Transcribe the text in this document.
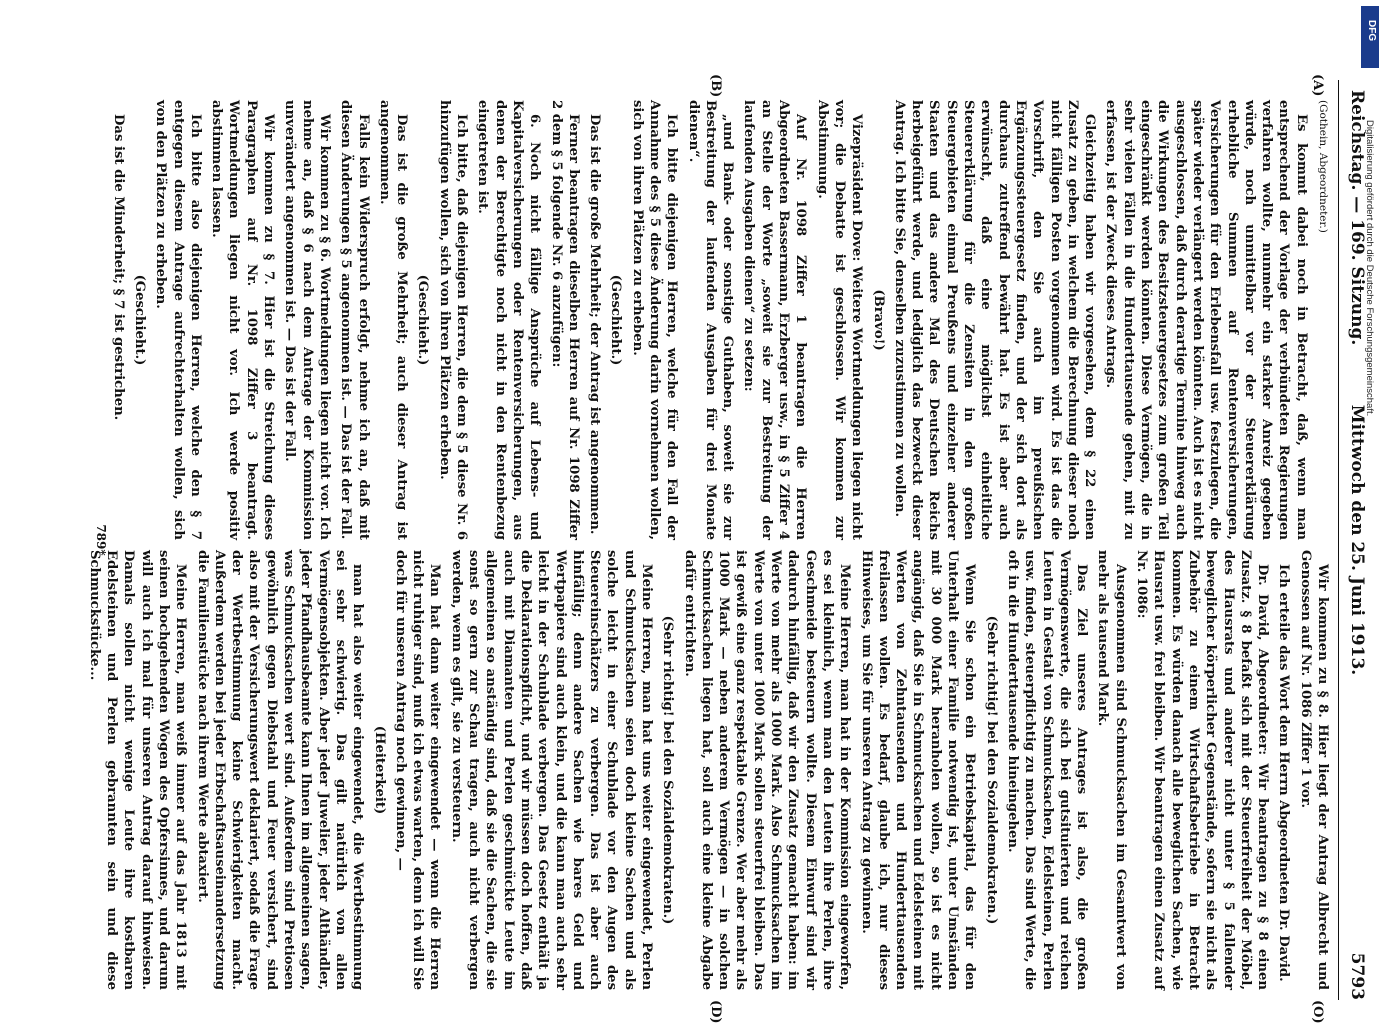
Reichstag. — 169. Sitzung.
Mittwoch den 25. Juni 1913.
5793
(A)
(B)
(O)
(D)

(Gothein, Abgeordneter.)

Es kommt dabei noch in Betracht, daß, wenn man entsprechend der Vorlage der verbündeten Regierungen verfahren wollte, nunmehr ein starker Anreiz gegeben würde, noch unmittelbar vor der Steuererklärung erhebliche Summen auf Rentenversicherungen, Versicherungen für den Erlebensfall usw. festzulegen, die später wieder verlängert werden könnten. Auch ist es nicht ausgeschlossen, daß durch derartige Termine hinweg auch die Wirkungen des Besitzsteuergesetzes zum großen Teil eingeschränkt werden könnten. Diese Vermögen, die in sehr vielen Fällen in die Hunderttausende gehen, mit zu erfassen, ist der Zweck dieses Antrags.

Gleichzeitig haben wir vorgesehen, dem § 22 einen Zusatz zu geben, in welchem die Berechnung dieser noch nicht fälligen Posten vorgenommen wird. Es ist das die Vorschrift, den Sie auch im preußischen Ergänzungssteuergesetz finden, und der sich dort als durchaus zutreffend bewährt hat. Es ist aber auch erwünscht, daß eine möglichst einheitliche Steuererklärung für die Zensiten in den großen Steuergebieten einmal Preußens und einzelner anderer Staaten und das andere Mal des Deutschen Reichs herbeigeführt werde, und lediglich das bezweckt dieser Antrag. Ich bitte Sie, denselben zuzustimmen zu wollen.

(Bravo!)

Vizepräsident Dove: Weitere Wortmeldungen liegen nicht vor; die Debatte ist geschlossen. Wir kommen zur Abstimmung.

Auf Nr. 1098 Ziffer 1 beantragen die Herren Abgeordneten Bassermann, Erzberger usw., in § 5 Ziffer 4 an Stelle der Worte „soweit sie zur Bestreitung der laufenden Ausgaben dienen“ zu setzen:

„und Bank- oder sonstige Guthaben, soweit sie zur Bestreitung der laufenden Ausgaben für drei Monate dienen“.

Ich bitte diejenigen Herren, welche für den Fall der Annahme des § 5 diese Änderung darin vornehmen wollen, sich von ihren Plätzen zu erheben.

(Geschieht.)

Das ist die große Mehrheit; der Antrag ist angenommen.

Ferner beantragen dieselben Herren auf Nr. 1098 Ziffer 2 dem § 5 folgende Nr. 6 anzufügen:

6. Noch nicht fällige Ansprüche auf Lebens- und Kapitalversicherungen oder Rentenversicherungen, aus denen der Berechtigte noch nicht in den Rentenbezug eingetreten ist.

Ich bitte, daß diejenigen Herren, die dem § 5 diese Nr. 6 hinzufügen wollen, sich von ihren Plätzen erheben.

(Geschieht.)

Das ist die große Mehrheit; auch dieser Antrag ist angenommen.

Falls kein Widerspruch erfolgt, nehme ich an, daß mit diesen Änderungen § 5 angenommen ist. — Das ist der Fall.

Wir kommen zu § 6. Wortmeldungen liegen nicht vor. Ich nehme an, daß § 6 nach dem Antrage der Kommission unverändert angenommen ist. — Das ist der Fall.

Wir kommen zu § 7. Hier ist die Streichung dieses Paragraphen auf Nr. 1098 Ziffer 3 beantragt. Wortmeldungen liegen nicht vor. Ich werde positiv abstimmen lassen.

Ich bitte also diejenigen Herren, welche den § 7 entgegen diesem Antrage aufrechterhalten wollen, sich von den Plätzen zu erheben.

(Geschieht.)

Das ist die Minderheit; § 7 ist gestrichen.

Wir kommen zu § 8. Hier liegt der Antrag Albrecht und Genossen auf Nr. 1086 Ziffer 1 vor.

Ich erteile das Wort dem Herrn Abgeordneten Dr. David.

Dr. David, Abgeordneter: Wir beantragen zu § 8 einen Zusatz. § 8 befaßt sich mit der Steuerfreiheit der Möbel, des Hausrats und anderer nicht unter § 5 fallender beweglicher körperlicher Gegenstände, sofern sie nicht als Zubehör zu einem Wirtschaftsbetriebe in Betracht kommen. Es würden danach alle beweglichen Sachen, wie Hausrat usw. frei bleiben. Wir beantragen einen Zusatz auf Nr. 1086:

Ausgenommen sind Schmucksachen im Gesamtwert von mehr als tausend Mark.

Das Ziel unseres Antrages ist also, die großen Vermögenswerte, die sich bei gutsituierten und reichen Leuten in Gestalt von Schmucksachen, Edelsteinen, Perlen usw. finden, steuerpflichtig zu machen. Das sind Werte, die oft in die Hunderttausende hineingehen.

(Sehr richtig! bei den Sozialdemokraten.)

Wenn Sie schon ein Betriebskapital, das für den Unterhalt einer Familie notwendig ist, unter Umständen mit 30 000 Mark heranholen wollen, so ist es nicht angängig, daß Sie in Schmucksachen und Edelsteinen mit Werten von Zehntausenden und Hunderttausenden freilassen wollen. Es bedarf, glaube ich, nur dieses Hinweises, um Sie für unseren Antrag zu gewinnen.

Meine Herren, man hat in der Kommission eingeworfen, es sei kleinlich, wenn man den Leuten ihre Perlen, ihre Geschmeide besteuern wollte. Diesem Einwurf sind wir dadurch hinfällig, daß wir den Zusatz gemacht haben: im Werte von mehr als 1000 Mark. Also Schmucksachen im Werte von unter 1000 Mark sollen steuerfrei bleiben. Das ist gewiß eine ganz respektable Grenze. Wer aber mehr als 1000 Mark — neben anderem Vermögen — in solchen Schmucksachen liegen hat, soll auch eine kleine Abgabe dafür entrichten.

(Sehr richtig! bei den Sozialdemokraten.)

Meine Herren, man hat uns weiter eingewendet, Perlen und Schmucksachen seien doch kleine Sachen und als solche leicht in einer Schublade vor den Augen des Steuereinschätzers zu verbergen. Das ist aber auch hinfällig; denn andere Sachen wie bares Geld und Wertpapiere sind auch klein, und die kann man auch sehr leicht in der Schublade verbergen. Das Gesetz enthält ja die Deklarationspflicht, und wir müssen doch hoffen, daß auch mit Diamanten und Perlen geschmückte Leute im allgemeinen so anständig sind, daß sie die Sachen, die sie sonst so gern zur Schau tragen, auch nicht verbergen werden, wenn es gilt, sie zu versteuern.

Man hat dann weiter eingewendet — wenn die Herren nicht ruhiger sind, muß ich etwas warten, denn ich will Sie doch für unseren Antrag noch gewinnen, —

(Heiterkeit)

man hat also weiter eingewendet, die Wertbestimmung sei sehr schwierig. Das gilt natürlich von allen Vermögensobjekten. Aber jeder Juwelier, jeder Althändler, jeder Pfandhausbeamte kann Ihnen im allgemeinen sagen, was Schmucksachen wert sind. Außerdem sind Pretiosen gewöhnlich gegen Diebstahl und Feuer versichert, sind also mit der Versicherungswert deklariert, sodaß die Frage der Wertbestimmung keine Schwierigkeiten macht. Außerdem werden bei jeder Erbschaftsauseinandersetzung die Familienstücke nach ihrem Werte abtaxiert.

Meine Herren, man weiß immer auf das Jahr 1813 mit seinen hochgehenden Wogen des Opfersinnes, und darum will auch ich mal für unseren Antrag darauf hinweisen. Damals sollen nicht wenige Leute ihre kostbaren Edelsteinen und Perlen gebrannten sein und diese Schmuckstücke...

789*
DFG
Digitalisierung gefördert durch die Deutsche Forschungsgemeinschaft.
